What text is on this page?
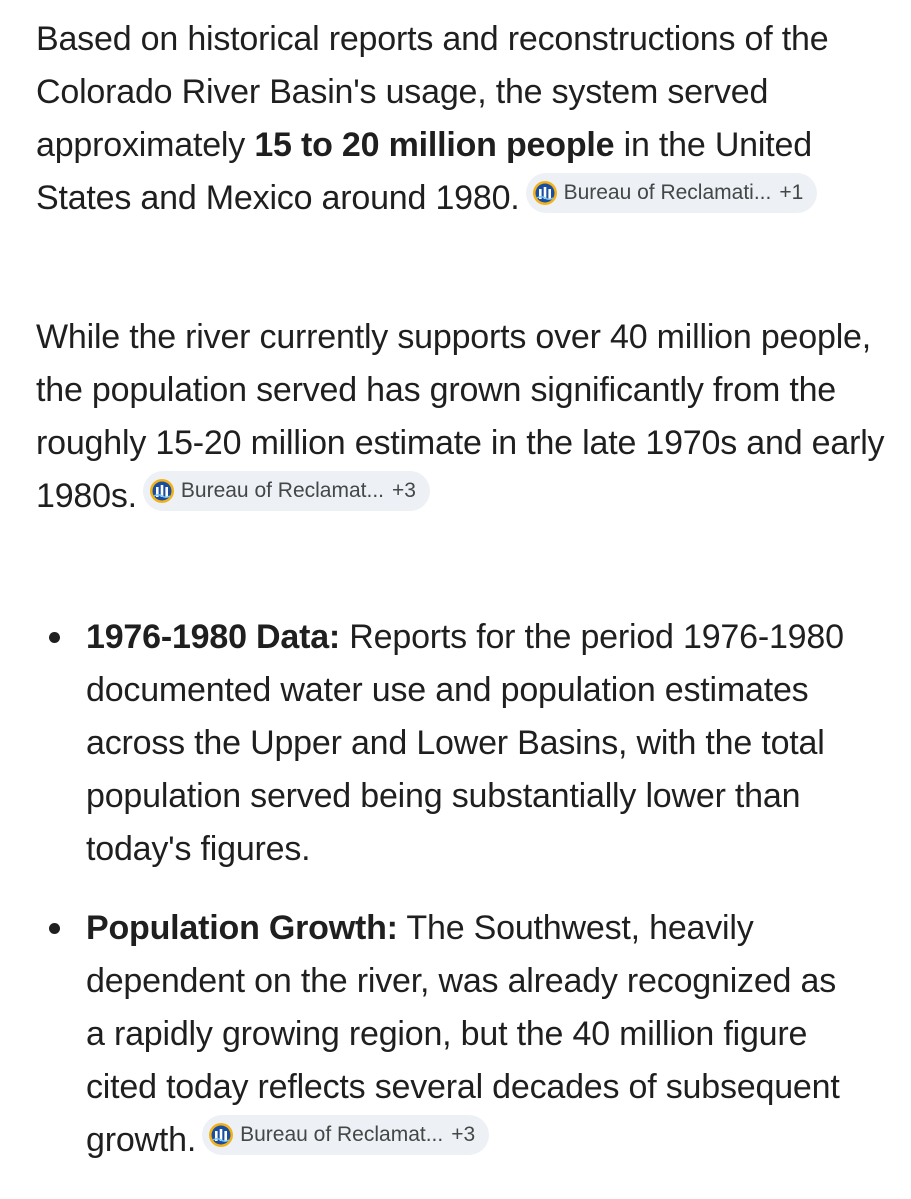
Based on historical reports and reconstructions of the Colorado River Basin's usage, the system served approximately 15 to 20 million people in the United States and Mexico around 1980. Bureau of Reclamati... +1

While the river currently supports over 40 million people, the population served has grown significantly from the roughly 15-20 million estimate in the late 1970s and early 1980s. Bureau of Reclamat... +3

1976-1980 Data: Reports for the period 1976-1980 documented water use and population estimates across the Upper and Lower Basins, with the total population served being substantially lower than today's figures.
Population Growth: The Southwest, heavily dependent on the river, was already recognized as a rapidly growing region, but the 40 million figure cited today reflects several decades of subsequent growth. Bureau of Reclamat... +3
